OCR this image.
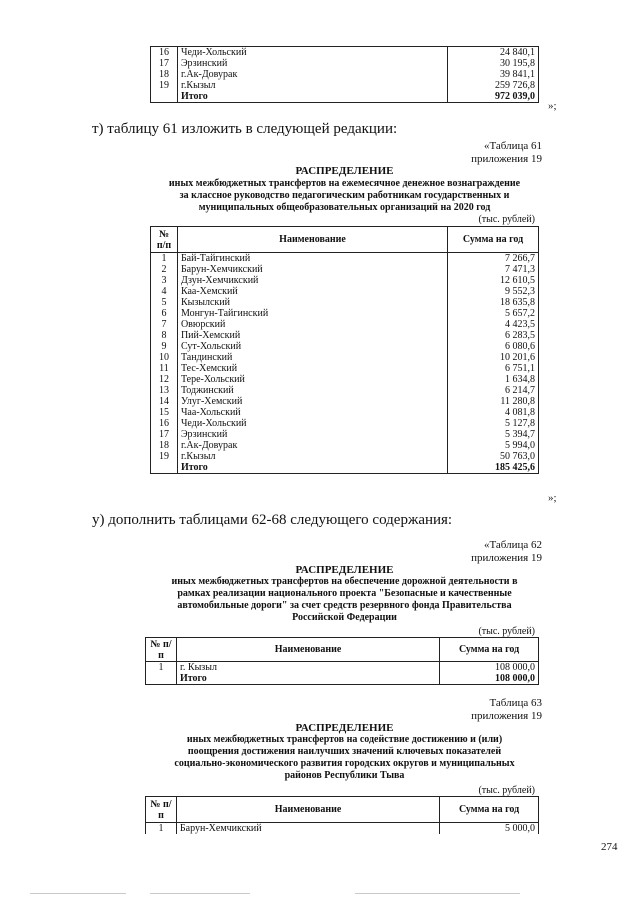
16	Чеди-Хольский	24 840,1
17	Эрзинский	30 195,8
18	г.Ак-Довурак	39 841,1
19	г.Кызыл	259 726,8
	Итого	972 039,0
»;
т) таблицу 61 изложить в следующей редакции:
«Таблица 61
приложения 19
РАСПРЕДЕЛЕНИЕ
иных межбюджетных трансфертов на ежемесячное денежное вознаграждение
за классное руководство педагогическим работникам государственных и
муниципальных общеобразовательных организаций на 2020 год
(тыс. рублей)
№ п/п	Наименование	Сумма на год
1	Бай-Тайгинский	7 266,7
2	Барун-Хемчикский	7 471,3
3	Дзун-Хемчикский	12 610,5
4	Каа-Хемский	9 552,3
5	Кызылский	18 635,8
6	Монгун-Тайгинский	5 657,2
7	Овюрский	4 423,5
8	Пий-Хемский	6 283,5
9	Сут-Хольский	6 080,6
10	Тандинский	10 201,6
11	Тес-Хемский	6 751,1
12	Тере-Хольский	1 634,8
13	Тоджинский	6 214,7
14	Улуг-Хемский	11 280,8
15	Чаа-Хольский	4 081,8
16	Чеди-Хольский	5 127,8
17	Эрзинский	5 394,7
18	г.Ак-Довурак	5 994,0
19	г.Кызыл	50 763,0
	Итого	185 425,6
»;
у) дополнить таблицами 62-68 следующего содержания:
«Таблица 62
приложения 19
РАСПРЕДЕЛЕНИЕ
иных межбюджетных трансфертов на обеспечение дорожной деятельности в
рамках реализации национального проекта "Безопасные и качественные
автомобильные дороги" за счет средств резервного фонда Правительства
Российской Федерации
(тыс. рублей)
№ п/п	Наименование	Сумма на год
1	г. Кызыл	108 000,0
	Итого	108 000,0
Таблица 63
приложения 19
РАСПРЕДЕЛЕНИЕ
иных межбюджетных трансфертов на содействие достижению и (или)
поощрения достижения наилучших значений ключевых показателей
социально-экономического развития городских округов и муниципальных
районов Республики Тыва
(тыс. рублей)
№ п/п	Наименование	Сумма на год
1	Барун-Хемчикский	5 000,0
274
